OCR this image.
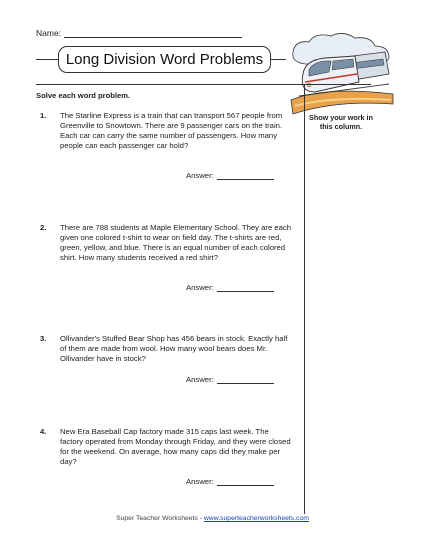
Name:
Long Division Word Problems
Solve each word problem.
Show your work in this column.
1. The Starline Express is a train that can transport 567 people from Greenville to Snowtown. There are 9 passenger cars on the train. Each car can carry the same number of passengers. How many people can each passenger car hold?
Answer:
2. There are 788 students at Maple Elementary School. They are each given one colored t-shirt to wear on field day. The t-shirts are red, green, yellow, and blue. There is an equal number of each colored shirt. How many students received a red shirt?
Answer:
3. Ollivander's Stuffed Bear Shop has 456 bears in stock. Exactly half of them are made from wool. How many wool bears does Mr. Ollivander have in stock?
Answer:
4. New Era Baseball Cap factory made 315 caps last week. The factory operated from Monday through Friday, and they were closed for the weekend. On average, how many caps did they make per day?
Answer:
Super Teacher Worksheets - www.superteacherworksheets.com
